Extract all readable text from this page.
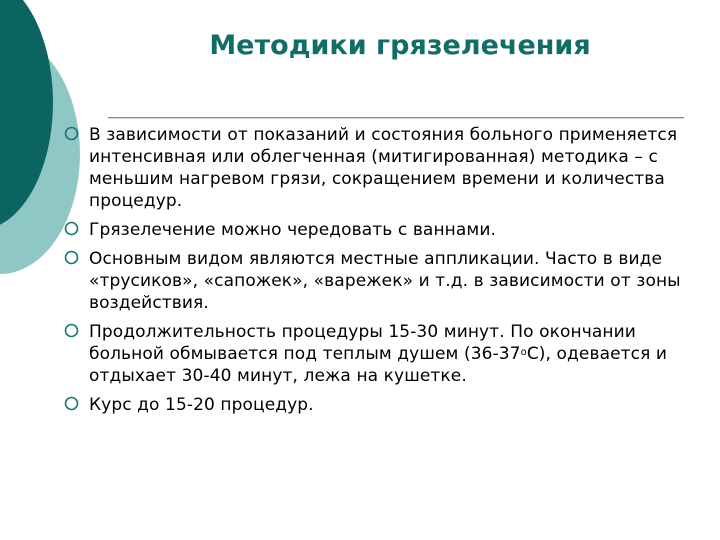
Методики грязелечения
В зависимости от показаний и состояния больного применяется интенсивная или облегченная (митигированная) методика – с меньшим нагревом грязи, сокращением времени и количества процедур.
Грязелечение можно чередовать с ваннами.
Основным видом являются местные аппликации. Часто в виде «трусиков», «сапожек», «варежек» и т.д. в зависимости от зоны воздействия.
Продолжительность процедуры 15-30 минут. По окончании больной обмывается под теплым душем $(36-37^оС)$, одевается и отдыхает 30-40 минут, лежа на кушетке.
Курс до 15-20 процедур.
